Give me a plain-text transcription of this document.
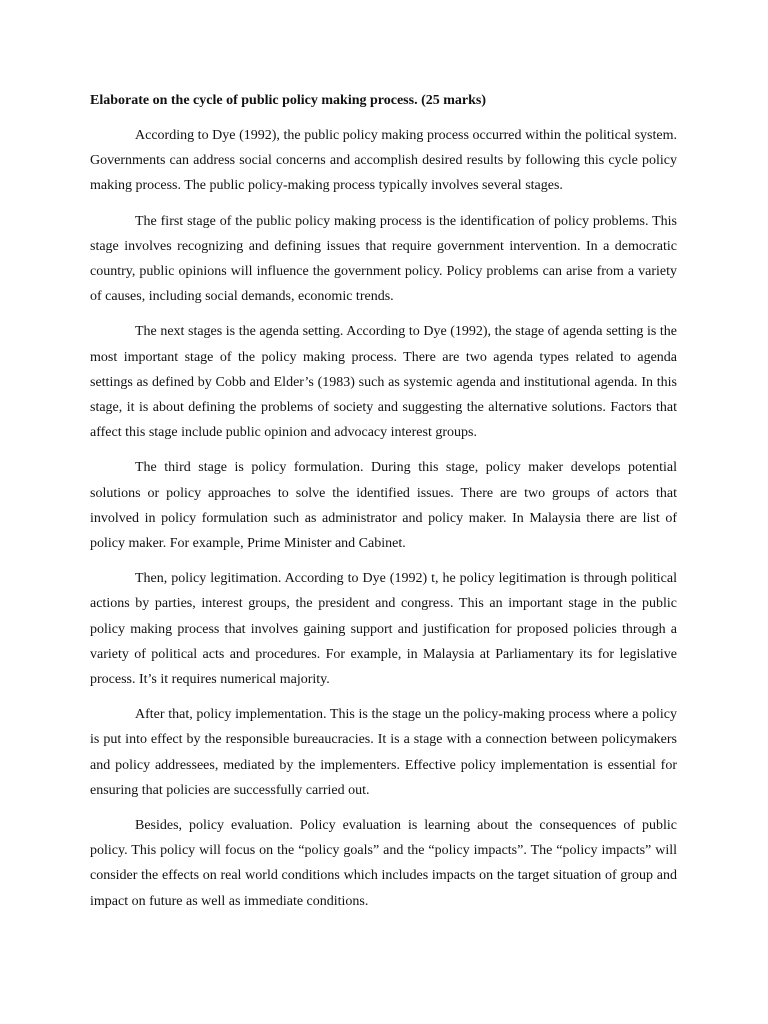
Elaborate on the cycle of public policy making process. (25 marks)

According to Dye (1992), the public policy making process occurred within the political system. Governments can address social concerns and accomplish desired results by following this cycle policy making process. The public policy-making process typically involves several stages.

The first stage of the public policy making process is the identification of policy problems. This stage involves recognizing and defining issues that require government intervention. In a democratic country, public opinions will influence the government policy. Policy problems can arise from a variety of causes, including social demands, economic trends.

The next stages is the agenda setting. According to Dye (1992), the stage of agenda setting is the most important stage of the policy making process. There are two agenda types related to agenda settings as defined by Cobb and Elder’s (1983) such as systemic agenda and institutional agenda. In this stage, it is about defining the problems of society and suggesting the alternative solutions. Factors that affect this stage include public opinion and advocacy interest groups.

The third stage is policy formulation. During this stage, policy maker develops potential solutions or policy approaches to solve the identified issues. There are two groups of actors that involved in policy formulation such as administrator and policy maker. In Malaysia there are list of policy maker. For example, Prime Minister and Cabinet.

Then, policy legitimation. According to Dye (1992) t, he policy legitimation is through political actions by parties, interest groups, the president and congress. This an important stage in the public policy making process that involves gaining support and justification for proposed policies through a variety of political acts and procedures. For example, in Malaysia at Parliamentary its for legislative process. It’s it requires numerical majority.

After that, policy implementation. This is the stage un the policy-making process where a policy is put into effect by the responsible bureaucracies. It is a stage with a connection between policymakers and policy addressees, mediated by the implementers. Effective policy implementation is essential for ensuring that policies are successfully carried out.

Besides, policy evaluation. Policy evaluation is learning about the consequences of public policy. This policy will focus on the “policy goals” and the “policy impacts”. The “policy impacts” will consider the effects on real world conditions which includes impacts on the target situation of group and impact on future as well as immediate conditions.
